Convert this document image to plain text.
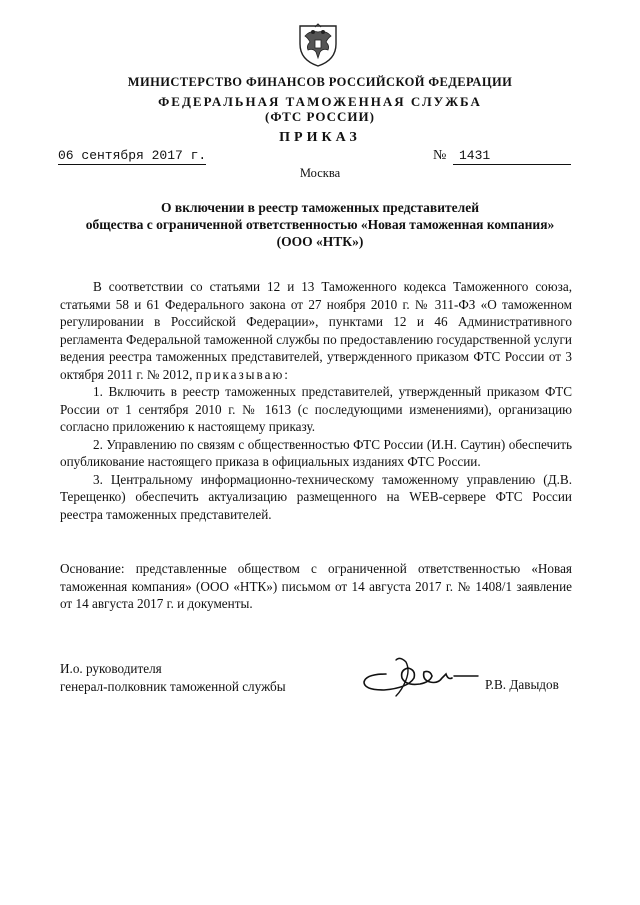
МИНИСТЕРСТВО ФИНАНСОВ РОССИЙСКОЙ ФЕДЕРАЦИИ
ФЕДЕРАЛЬНАЯ ТАМОЖЕННАЯ СЛУЖБА
(ФТС РОССИИ)
ПРИКАЗ
06 сентября 2017 г.	№ 1431
Москва
О включении в реестр таможенных представителей
общества с ограниченной ответственностью «Новая таможенная компания»
(ООО «НТК»)

В соответствии со статьями 12 и 13 Таможенного кодекса Таможенного союза, статьями 58 и 61 Федерального закона от 27 ноября 2010 г. № 311-ФЗ «О таможенном регулировании в Российской Федерации», пунктами 12 и 46 Административного регламента Федеральной таможенной службы по предоставлению государственной услуги ведения реестра таможенных представителей, утвержденного приказом ФТС России от 3 октября 2011 г. № 2012, приказываю:

1. Включить в реестр таможенных представителей, утвержденный приказом ФТС России от 1 сентября 2010 г. № 1613 (с последующими изменениями), организацию согласно приложению к настоящему приказу.

2. Управлению по связям с общественностью ФТС России (И.Н. Саутин) обеспечить опубликование настоящего приказа в официальных изданиях ФТС России.

3. Центральному информационно-техническому таможенному управлению (Д.В. Терещенко) обеспечить актуализацию размещенного на WEB-сервере ФТС России реестра таможенных представителей.

Основание: представленные обществом с ограниченной ответственностью «Новая таможенная компания» (ООО «НТК») письмом от 14 августа 2017 г. № 1408/1 заявление от 14 августа 2017 г. и документы.

И.о. руководителя
генерал-полковник таможенной службы	Р.В. Давыдов
